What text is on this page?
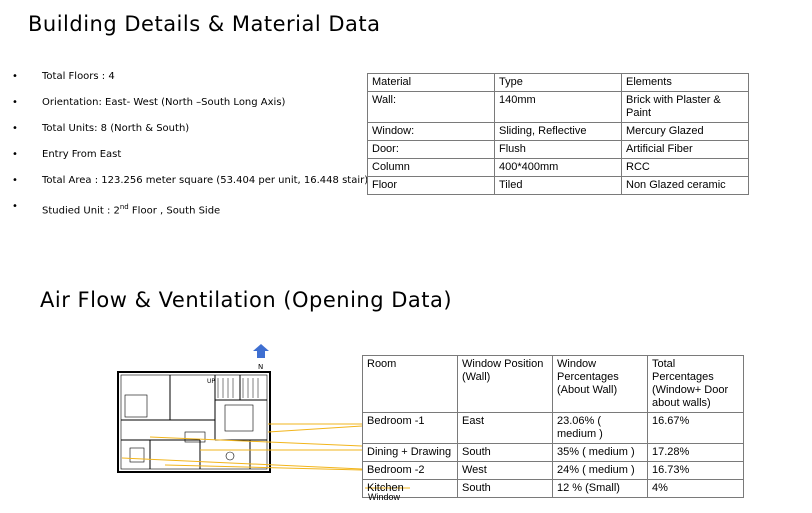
Building Details & Material Data
• Total Floors : 4
• Orientation: East- West (North –South Long Axis)
• Total Units: 8 (North & South)
• Entry From East
• Total Area : 123.256 meter square (53.404 per unit, 16.448 stair)
• Studied Unit : 2nd Floor , South Side
Material	Type	Elements
Wall:	140mm	Brick with Plaster & Paint
Window:	Sliding, Reflective	Mercury Glazed
Door:	Flush	Artificial Fiber
Column	400*400mm	RCC
Floor	Tiled	Non Glazed ceramic
Air Flow & Ventilation (Opening Data)
N
UP
Room	Window Position (Wall)	Window Percentages (About Wall)	Total Percentages (Window+ Door about walls)
Bedroom -1	East	23.06% ( medium )	16.67%
Dining + Drawing	South	35% ( medium )	17.28%
Bedroom -2	West	24% ( medium )	16.73%
Kitchen	South	12 % (Small)	4%
Window
